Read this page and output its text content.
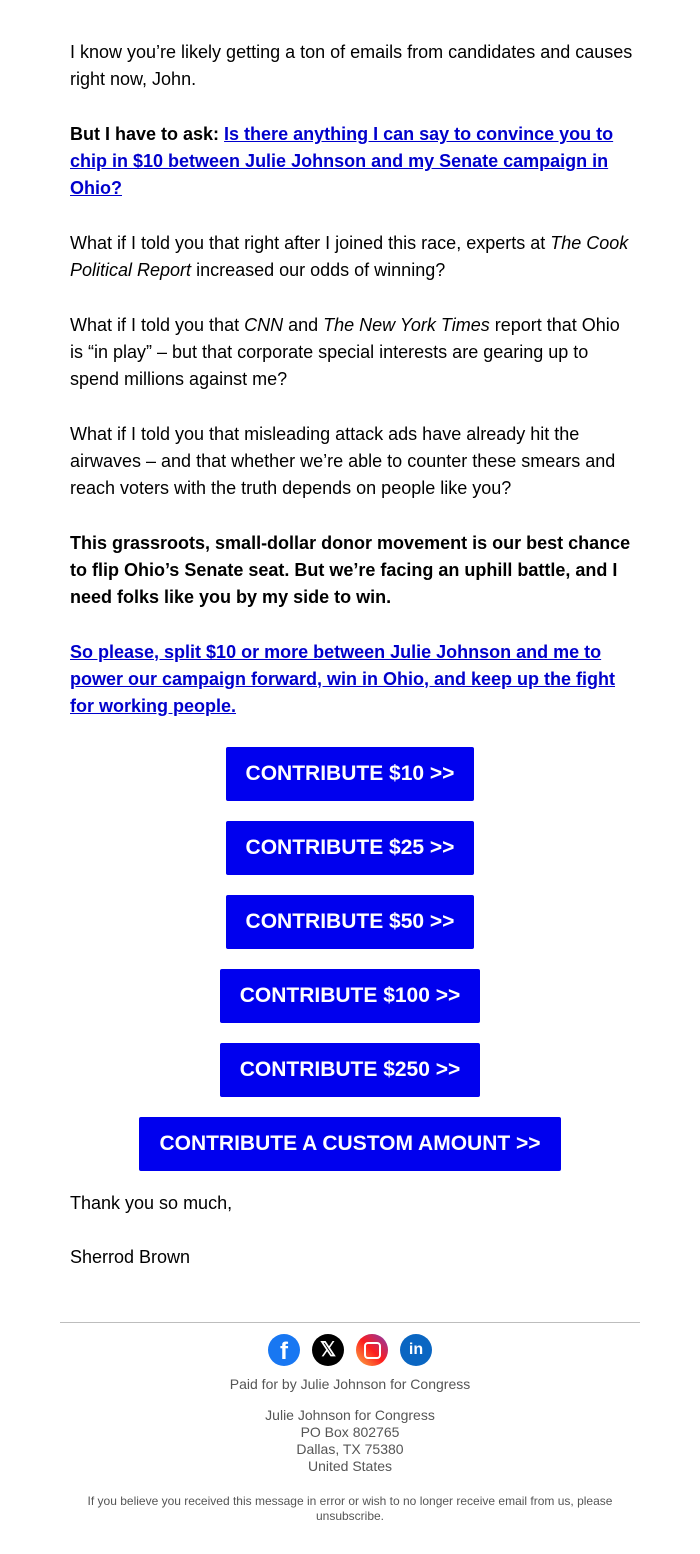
I know you’re likely getting a ton of emails from candidates and causes right now, John.

But I have to ask: Is there anything I can say to convince you to chip in $10 between Julie Johnson and my Senate campaign in Ohio?

What if I told you that right after I joined this race, experts at The Cook Political Report increased our odds of winning?

What if I told you that CNN and The New York Times report that Ohio is “in play” – but that corporate special interests are gearing up to spend millions against me?

What if I told you that misleading attack ads have already hit the airwaves – and that whether we’re able to counter these smears and reach voters with the truth depends on people like you?

This grassroots, small-dollar donor movement is our best chance to flip Ohio’s Senate seat. But we’re facing an uphill battle, and I need folks like you by my side to win.

So please, split $10 or more between Julie Johnson and me to power our campaign forward, win in Ohio, and keep up the fight for working people.

CONTRIBUTE $10 >>
CONTRIBUTE $25 >>
CONTRIBUTE $50 >>
CONTRIBUTE $100 >>
CONTRIBUTE $250 >>
CONTRIBUTE A CUSTOM AMOUNT >>

Thank you so much,

Sherrod Brown

f 𝕏	in
Paid for by Julie Johnson for Congress
Julie Johnson for Congress
PO Box 802765
Dallas, TX 75380
United States
If you believe you received this message in error or wish to no longer receive email from us, please unsubscribe.
